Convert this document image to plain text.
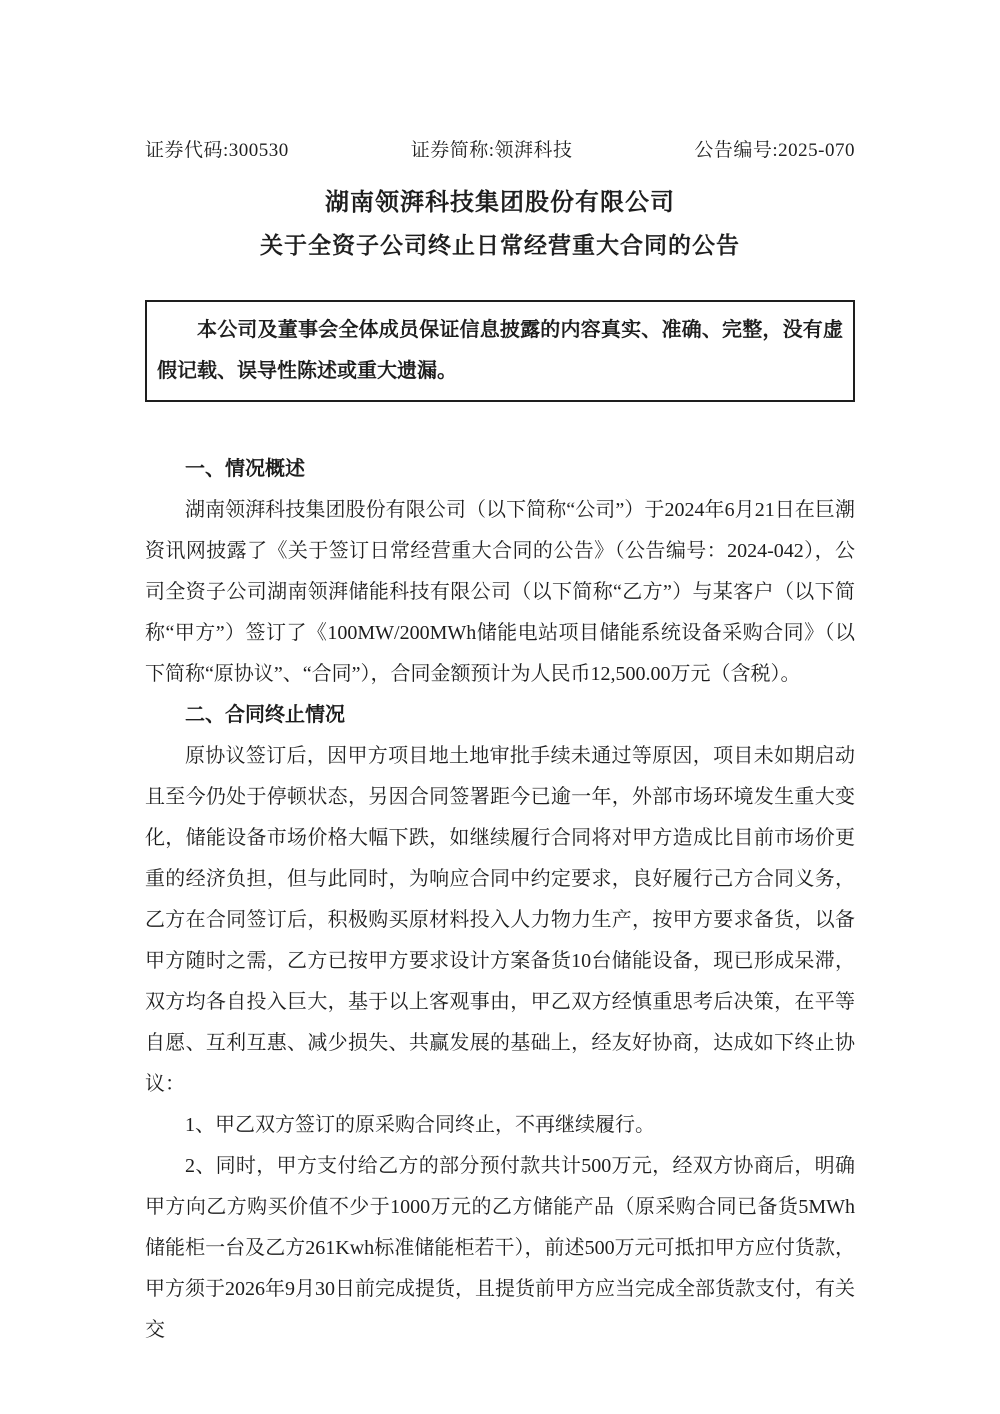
证券代码:300530	证券简称:领湃科技	公告编号:2025-070
湖南领湃科技集团股份有限公司
关于全资子公司终止日常经营重大合同的公告
本公司及董事会全体成员保证信息披露的内容真实、准确、完整，没有虚假记载、误导性陈述或重大遗漏。

一、情况概述

湖南领湃科技集团股份有限公司（以下简称“公司”）于2024年6月21日在巨潮资讯网披露了《关于签订日常经营重大合同的公告》（公告编号：2024-042），公司全资子公司湖南领湃储能科技有限公司（以下简称“乙方”）与某客户（以下简称“甲方”）签订了《100MW/200MWh储能电站项目储能系统设备采购合同》（以下简称“原协议”、“合同”），合同金额预计为人民币12,500.00万元（含税）。

二、合同终止情况

原协议签订后，因甲方项目地土地审批手续未通过等原因，项目未如期启动且至今仍处于停顿状态，另因合同签署距今已逾一年，外部市场环境发生重大变化，储能设备市场价格大幅下跌，如继续履行合同将对甲方造成比目前市场价更重的经济负担，但与此同时，为响应合同中约定要求，良好履行己方合同义务，乙方在合同签订后，积极购买原材料投入人力物力生产，按甲方要求备货，以备甲方随时之需，乙方已按甲方要求设计方案备货10台储能设备，现已形成呆滞，双方均各自投入巨大，基于以上客观事由，甲乙双方经慎重思考后决策，在平等自愿、互利互惠、减少损失、共赢发展的基础上，经友好协商，达成如下终止协议：

1、甲乙双方签订的原采购合同终止，不再继续履行。

2、同时，甲方支付给乙方的部分预付款共计500万元，经双方协商后，明确甲方向乙方购买价值不少于1000万元的乙方储能产品（原采购合同已备货5MWh储能柜一台及乙方261Kwh标准储能柜若干），前述500万元可抵扣甲方应付货款，甲方须于2026年9月30日前完成提货，且提货前甲方应当完成全部货款支付，有关交
